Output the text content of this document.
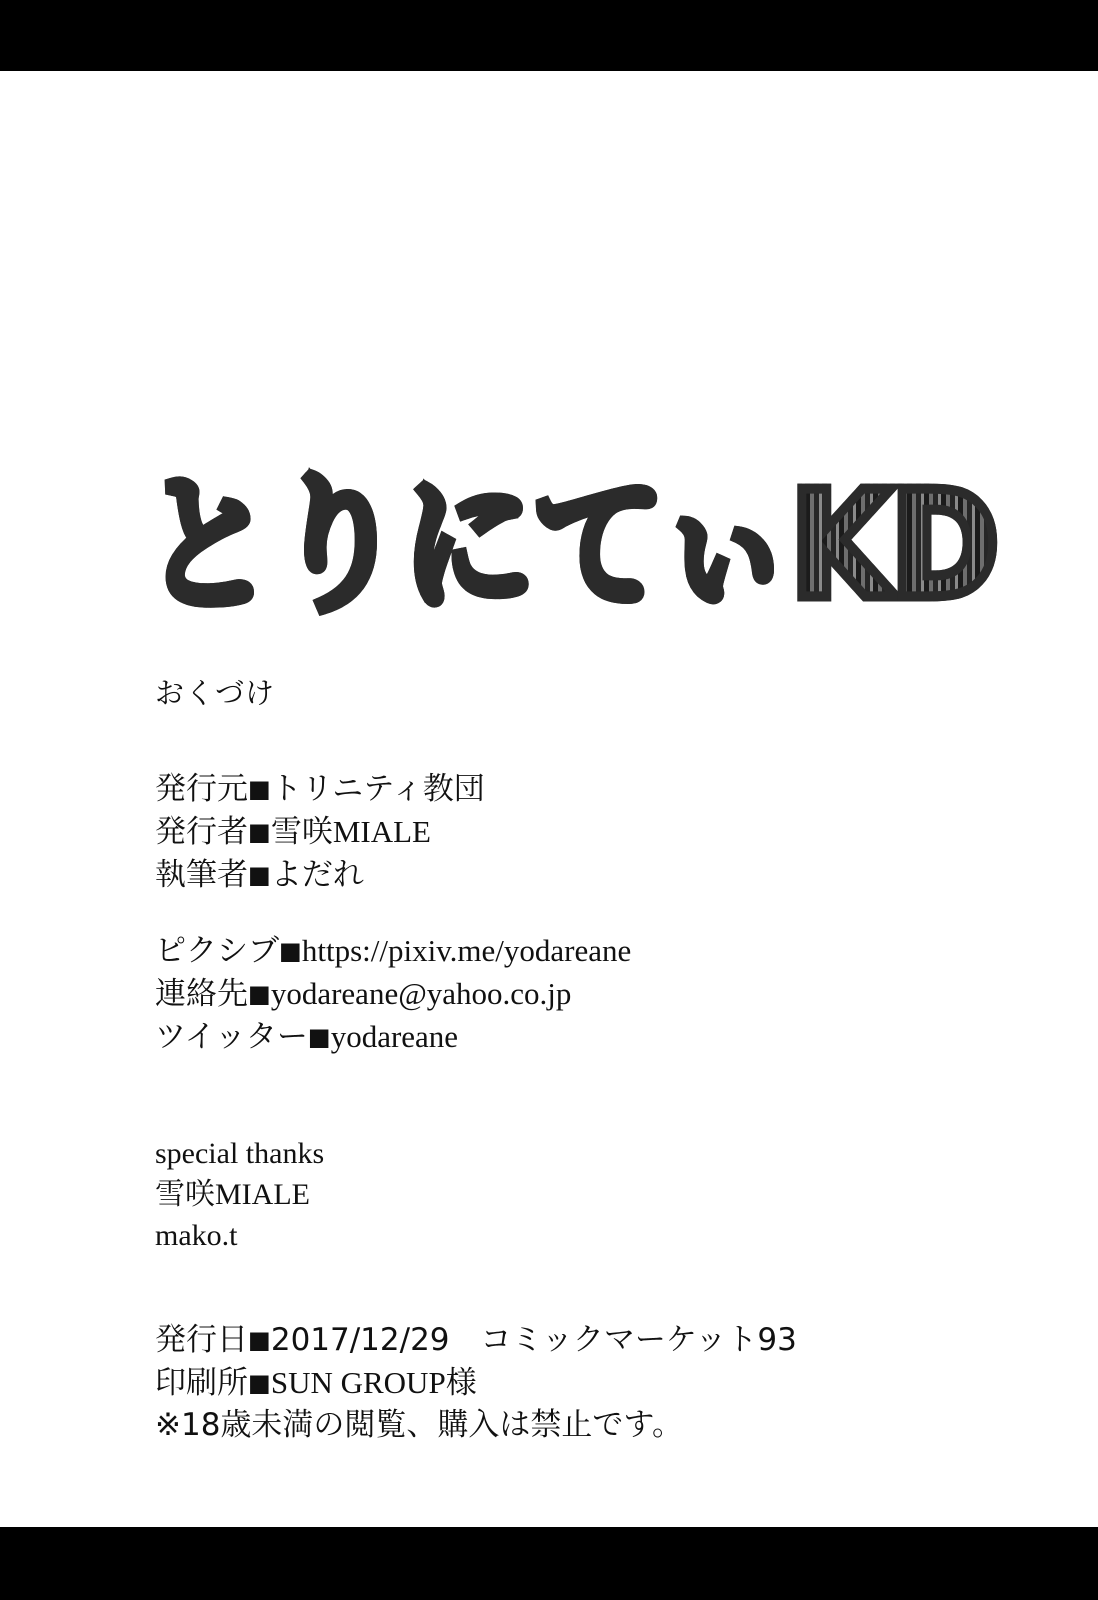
とりにてぃKD
おくづけ
発行元■トリニティ教団
発行者■雪咲MIALE
執筆者■よだれ
ピクシブ■https://pixiv.me/yodareane
連絡先■yodareane@yahoo.co.jp
ツイッター■yodareane
special thanks
雪咲MIALE
mako.t
発行日■2017/12/29　コミックマーケット93
印刷所■SUN GROUP様
※18歳未満の閲覧、購入は禁止です。
